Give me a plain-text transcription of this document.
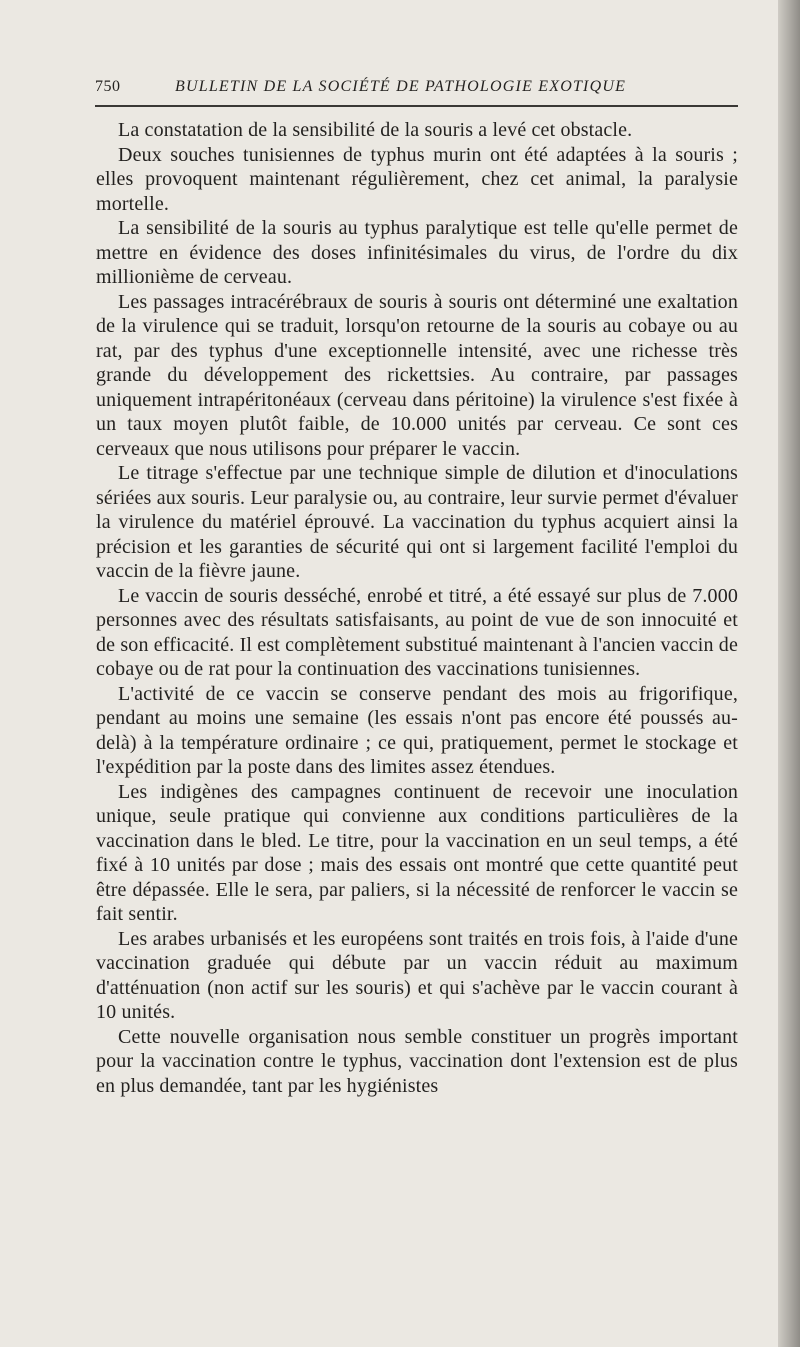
750	BULLETIN DE LA SOCIÉTÉ DE PATHOLOGIE EXOTIQUE

La constatation de la sensibilité de la souris a levé cet obstacle.

Deux souches tunisiennes de typhus murin ont été adaptées à la souris ; elles provoquent maintenant régulièrement, chez cet animal, la paralysie mortelle.

La sensibilité de la souris au typhus paralytique est telle qu'elle permet de mettre en évidence des doses infinitésimales du virus, de l'ordre du dix millionième de cerveau.

Les passages intracérébraux de souris à souris ont déterminé une exaltation de la virulence qui se traduit, lorsqu'on retourne de la souris au cobaye ou au rat, par des typhus d'une exceptionnelle intensité, avec une richesse très grande du développement des rickettsies. Au contraire, par passages uniquement intrapéritonéaux (cerveau dans péritoine) la virulence s'est fixée à un taux moyen plutôt faible, de 10.000 unités par cerveau. Ce sont ces cerveaux que nous utilisons pour préparer le vaccin.

Le titrage s'effectue par une technique simple de dilution et d'inoculations sériées aux souris. Leur paralysie ou, au contraire, leur survie permet d'évaluer la virulence du matériel éprouvé. La vaccination du typhus acquiert ainsi la précision et les garanties de sécurité qui ont si largement facilité l'emploi du vaccin de la fièvre jaune.

Le vaccin de souris desséché, enrobé et titré, a été essayé sur plus de 7.000 personnes avec des résultats satisfaisants, au point de vue de son innocuité et de son efficacité. Il est complètement substitué maintenant à l'ancien vaccin de cobaye ou de rat pour la continuation des vaccinations tunisiennes.

L'activité de ce vaccin se conserve pendant des mois au frigorifique, pendant au moins une semaine (les essais n'ont pas encore été poussés au-delà) à la température ordinaire ; ce qui, pratiquement, permet le stockage et l'expédition par la poste dans des limites assez étendues.

Les indigènes des campagnes continuent de recevoir une inoculation unique, seule pratique qui convienne aux conditions particulières de la vaccination dans le bled. Le titre, pour la vaccination en un seul temps, a été fixé à 10 unités par dose ; mais des essais ont montré que cette quantité peut être dépassée. Elle le sera, par paliers, si la nécessité de renforcer le vaccin se fait sentir.

Les arabes urbanisés et les européens sont traités en trois fois, à l'aide d'une vaccination graduée qui débute par un vaccin réduit au maximum d'atténuation (non actif sur les souris) et qui s'achève par le vaccin courant à 10 unités.

Cette nouvelle organisation nous semble constituer un progrès important pour la vaccination contre le typhus, vaccination dont l'extension est de plus en plus demandée, tant par les hygiénistes
